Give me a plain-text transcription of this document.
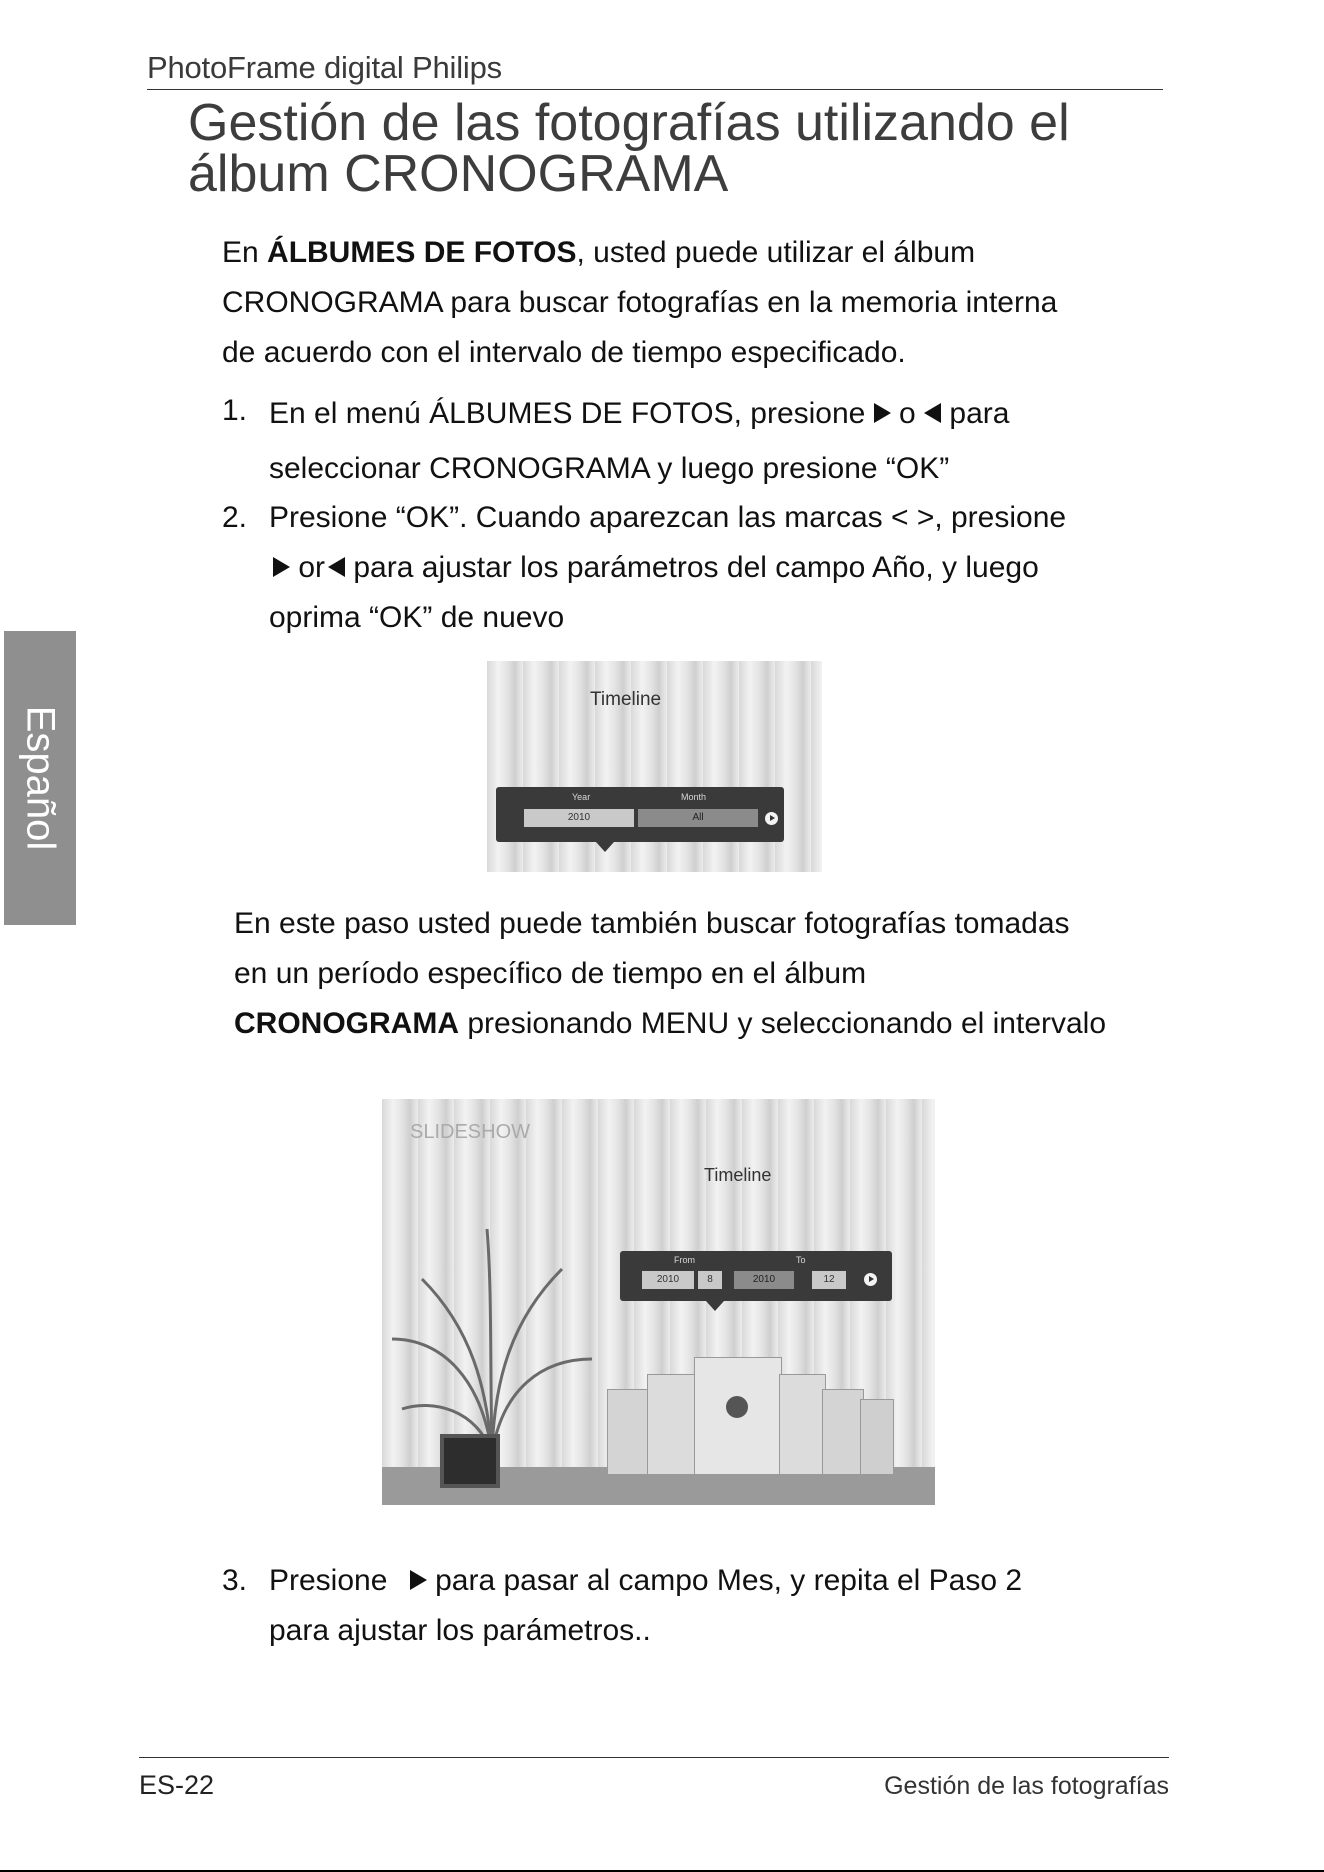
PhotoFrame digital Philips
Gestión de las fotografías utilizando el
álbum CRONOGRAMA
En ÁLBUMES DE FOTOS, usted puede utilizar el álbum
CRONOGRAMA para buscar fotografías en la memoria interna
de acuerdo con el intervalo de tiempo especificado.
1. En el menú ÁLBUMES DE FOTOS, presione o para
seleccionar CRONOGRAMA y luego presione “OK”
2. Presione “OK”. Cuando aparezcan las marcas < >, presione
or para ajustar los parámetros del campo Año, y luego
oprima “OK” de nuevo
Timeline
Year	Month
2010	All
Español
En este paso usted puede también buscar fotografías tomadas
en un período específico de tiempo en el álbum
CRONOGRAMA presionando MENU y seleccionando el intervalo
SLIDESHOW
Timeline
From	To
2010	8	2010	12
3. Presione para pasar al campo Mes, y repita el Paso 2
para ajustar los parámetros..
ES-22	Gestión de las fotografías
